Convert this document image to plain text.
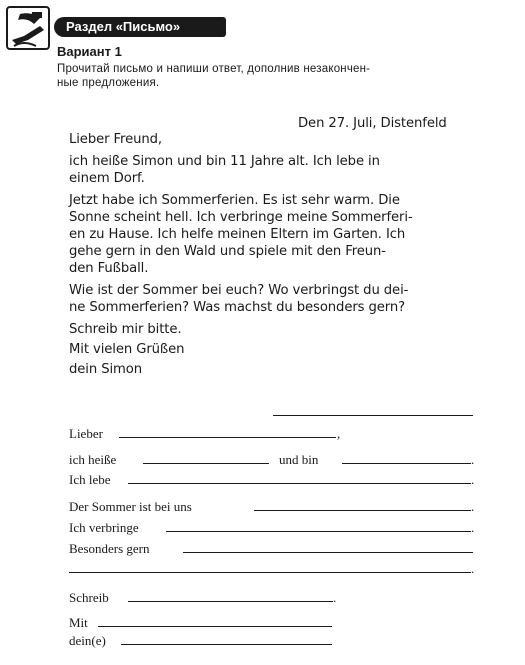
Раздел «Письмо»
Вариант 1
Прочитай письмо и напиши ответ, дополнив незакончен-
ные предложения.
Den 27. Juli, Distenfeld

Lieber Freund,

ich heiße Simon und bin 11 Jahre alt. Ich lebe in

einem Dorf.

Jetzt habe ich Sommerferien. Es ist sehr warm. Die

Sonne scheint hell. Ich verbringe meine Sommerferi-

en zu Hause. Ich helfe meinen Eltern im Garten. Ich

gehe gern in den Wald und spiele mit den Freun-

den Fußball.

Wie ist der Sommer bei euch? Wo verbringst du dei-

ne Sommerferien? Was machst du besonders gern?

Schreib mir bitte.

Mit vielen Grüßen

dein Simon

Lieber	,
ich heiße	und bin	.
Ich lebe	.
Der Sommer ist bei uns	.
Ich verbringe	.
Besonders gern
.
Schreib	.
Mit
dein(e)
